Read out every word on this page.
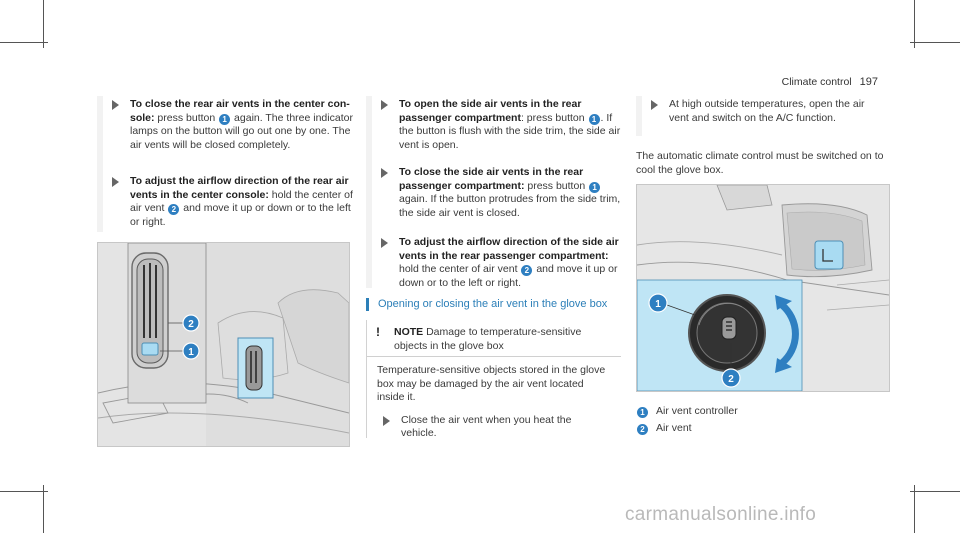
Climate control 197
To close the rear air vents in the center con-sole: press button 1 again. The three indicator lamps on the button will go out one by one. The air vents will be closed completely.
To adjust the airflow direction of the rear air vents in the center console: hold the center of air vent 2 and move it up or down or to the left or right.
2
1
To open the side air vents in the rear passenger compartment: press button 1 . If the button is flush with the side trim, the side air vent is open.
To close the side air vents in the rear passenger compartment: press button 1 again. If the button protrudes from the side trim, the side air vent is closed.
To adjust the airflow direction of the side air vents in the rear passenger compartment: hold the center of air vent 2 and move it up or down or to the left or right.
Opening or closing the air vent in the glove box
! NOTE Damage to temperature-sensitive objects in the glove box
Temperature-sensitive objects stored in the glove box may be damaged by the air vent located inside it.
Close the air vent when you heat the vehicle.
At high outside temperatures, open the air vent and switch on the A/C function.
The automatic climate control must be switched on to cool the glove box.
1
2
1 Air vent controller
2 Air vent
carmanualsonline.info
